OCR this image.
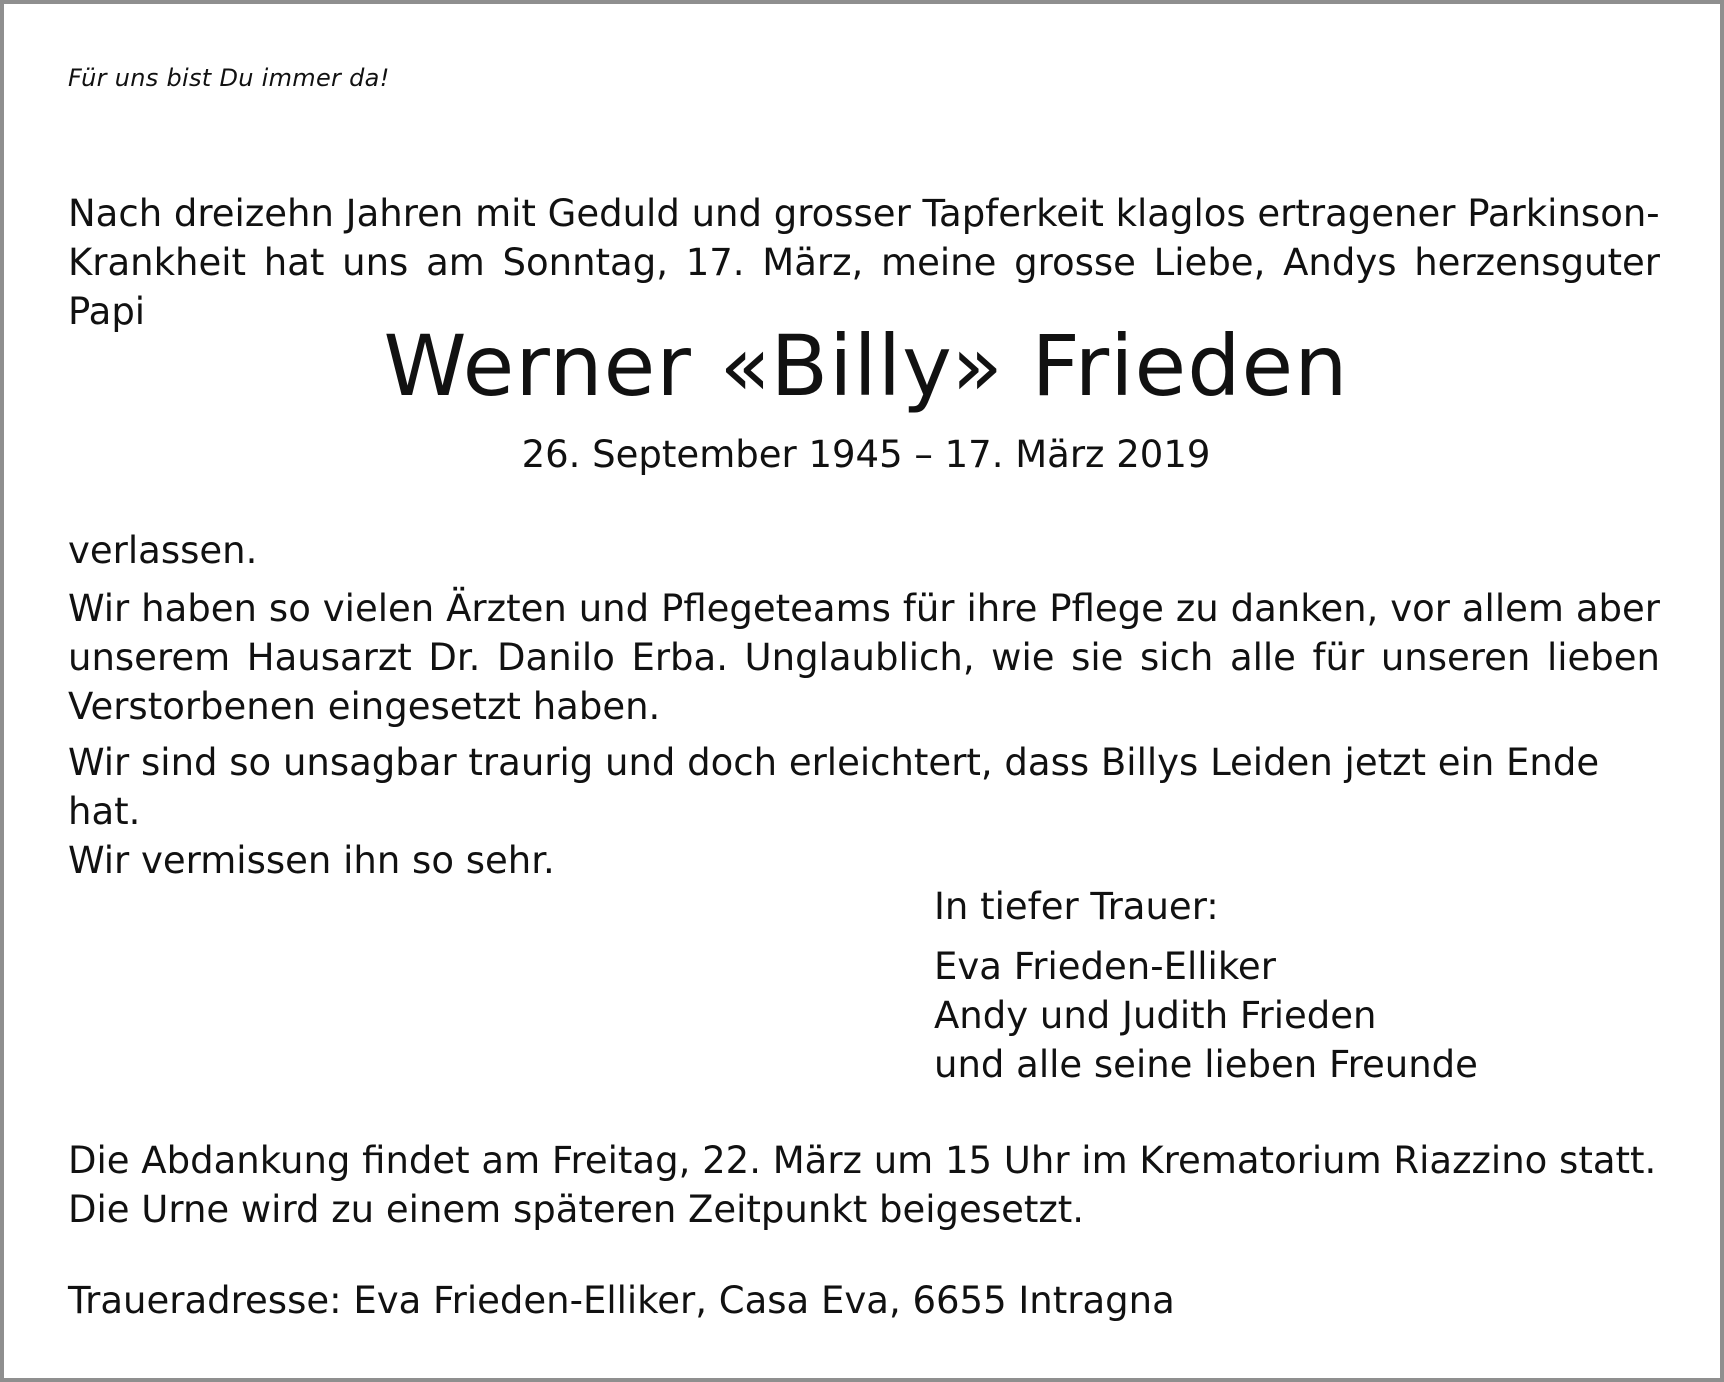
Für uns bist Du immer da!

Nach dreizehn Jahren mit Geduld und grosser Tapferkeit klaglos ertragener Parkinson-
Krankheit hat uns am Sonntag, 17. März, meine grosse Liebe, Andys herzensguter Papi

Werner «Billy» Frieden
26. September 1945 – 17. März 2019

verlassen.

Wir haben so vielen Ärzten und Pflegeteams für ihre Pflege zu danken, vor allem aber unserem Hausarzt Dr. Danilo Erba. Unglaublich, wie sie sich alle für unseren lieben Verstorbenen eingesetzt haben.

Wir sind so unsagbar traurig und doch erleichtert, dass Billys Leiden jetzt ein Ende hat.
Wir vermissen ihn so sehr.

In tiefer Trauer:

Eva Frieden-Elliker
Andy und Judith Frieden
und alle seine lieben Freunde

Die Abdankung findet am Freitag, 22. März um 15 Uhr im Krematorium Riazzino statt.
Die Urne wird zu einem späteren Zeitpunkt beigesetzt.

Traueradresse: Eva Frieden-Elliker, Casa Eva, 6655 Intragna
